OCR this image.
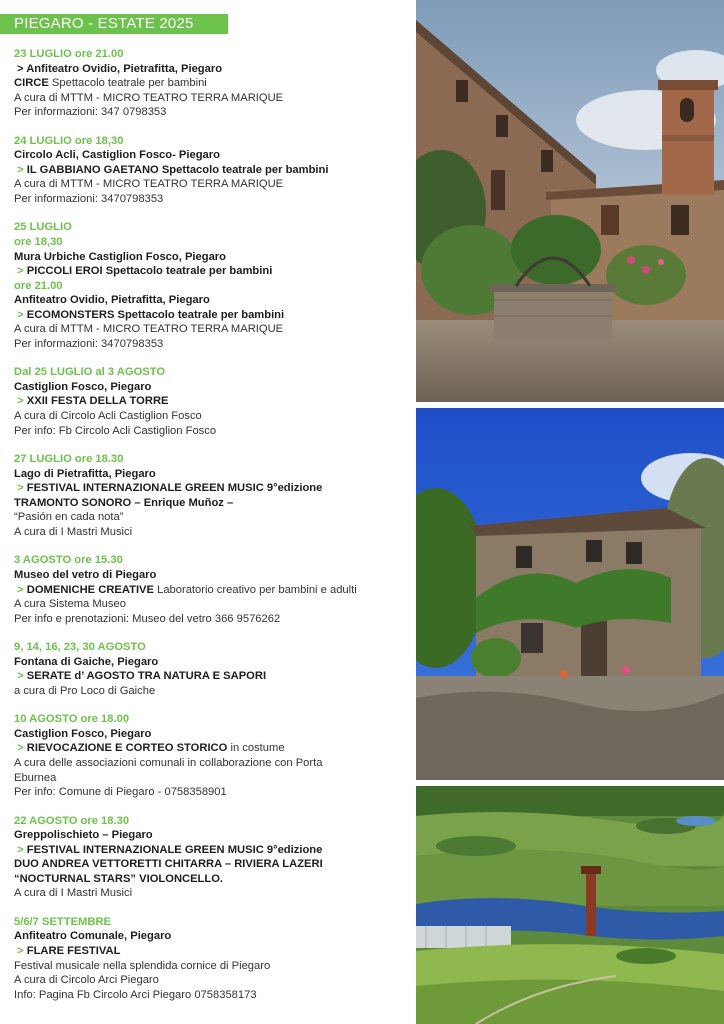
PIEGARO - ESTATE 2025
23 LUGLIO ore 21.00
> Anfiteatro Ovidio, Pietrafitta, Piegaro
CIRCE Spettacolo teatrale per bambini
A cura di MTTM - MICRO TEATRO TERRA MARIQUE
Per informazioni: 347 0798353
24 LUGLIO ore 18,30
Circolo Acli, Castiglion Fosco- Piegaro
> IL GABBIANO GAETANO Spettacolo teatrale per bambini
A cura di MTTM - MICRO TEATRO TERRA MARIQUE
Per informazioni: 3470798353
25 LUGLIO
ore 18,30
Mura Urbiche Castiglion Fosco, Piegaro
> PICCOLI EROI Spettacolo teatrale per bambini
ore 21.00
Anfiteatro Ovidio, Pietrafitta, Piegaro
> ECOMONSTERS Spettacolo teatrale per bambini
A cura di MTTM - MICRO TEATRO TERRA MARIQUE
Per informazioni: 3470798353
Dal 25 LUGLIO al 3 AGOSTO
Castiglion Fosco, Piegaro
> XXII FESTA DELLA TORRE
A cura di Circolo Acli Castiglion Fosco
Per info: Fb Circolo Acli Castiglion Fosco
27 LUGLIO ore 18.30
Lago di Pietrafitta, Piegaro
> FESTIVAL INTERNAZIONALE GREEN MUSIC 9°edizione
TRAMONTO SONORO – Enrique Muñoz –
“Pasión en cada nota”
A cura di I Mastri Musici
3 AGOSTO ore 15.30
Museo del vetro di Piegaro
> DOMENICHE CREATIVE Laboratorio creativo per bambini e adulti
A cura Sistema Museo
Per info e prenotazioni: Museo del vetro 366 9576262
9, 14, 16, 23, 30 AGOSTO
Fontana di Gaiche, Piegaro
> SERATE d’ AGOSTO TRA NATURA E SAPORI
a cura di Pro Loco di Gaiche
10 AGOSTO ore 18.00
Castiglion Fosco, Piegaro
> RIEVOCAZIONE E CORTEO STORICO in costume
A cura delle associazioni comunali in collaborazione con Porta
Eburnea
Per info: Comune di Piegaro - 0758358901
22 AGOSTO ore 18.30
Greppolischieto – Piegaro
> FESTIVAL INTERNAZIONALE GREEN MUSIC 9°edizione
DUO ANDREA VETTORETTI CHITARRA – RIVIERA LAZERI
“NOCTURNAL STARS” VIOLONCELLO.
A cura di I Mastri Musici
5/6/7 SETTEMBRE
Anfiteatro Comunale, Piegaro
> FLARE FESTIVAL
Festival musicale nella splendida cornice di Piegaro
A cura di Circolo Arci Piegaro
Info: Pagina Fb Circolo Arci Piegaro 0758358173
